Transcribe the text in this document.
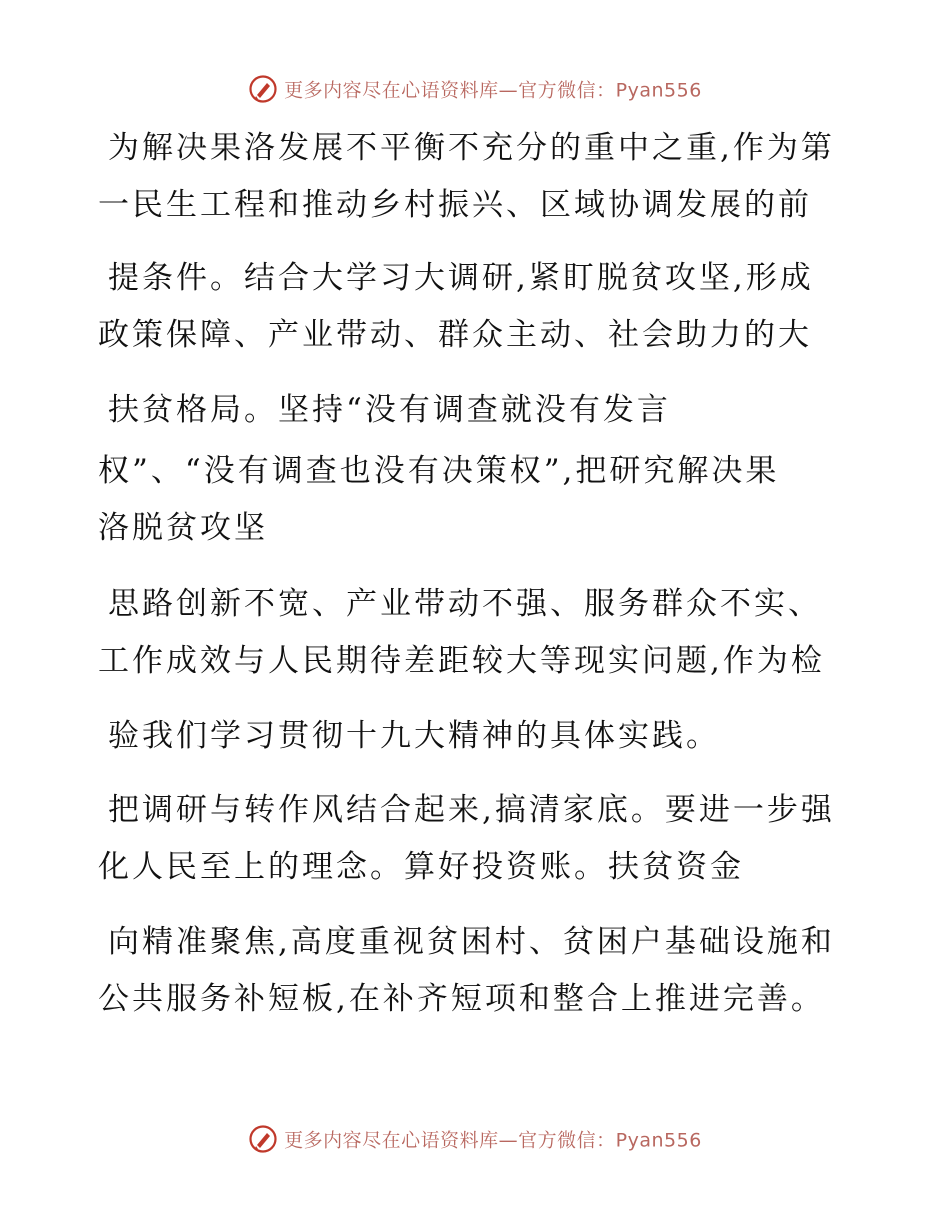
更多内容尽在心语资料库—官方微信：Pyan556
为解决果洛发展不平衡不充分的重中之重,作为第
一民生工程和推动乡村振兴、区域协调发展的前
提条件。结合大学习大调研,紧盯脱贫攻坚,形成
政策保障、产业带动、群众主动、社会助力的大
扶贫格局。坚持“没有调查就没有发言
权”、“没有调查也没有决策权”,把研究解决果
洛脱贫攻坚
思路创新不宽、产业带动不强、服务群众不实、
工作成效与人民期待差距较大等现实问题,作为检
验我们学习贯彻十九大精神的具体实践。
把调研与转作风结合起来,搞清家底。要进一步强
化人民至上的理念。算好投资账。扶贫资金
向精准聚焦,高度重视贫困村、贫困户基础设施和
公共服务补短板,在补齐短项和整合上推进完善。
更多内容尽在心语资料库—官方微信：Pyan556
